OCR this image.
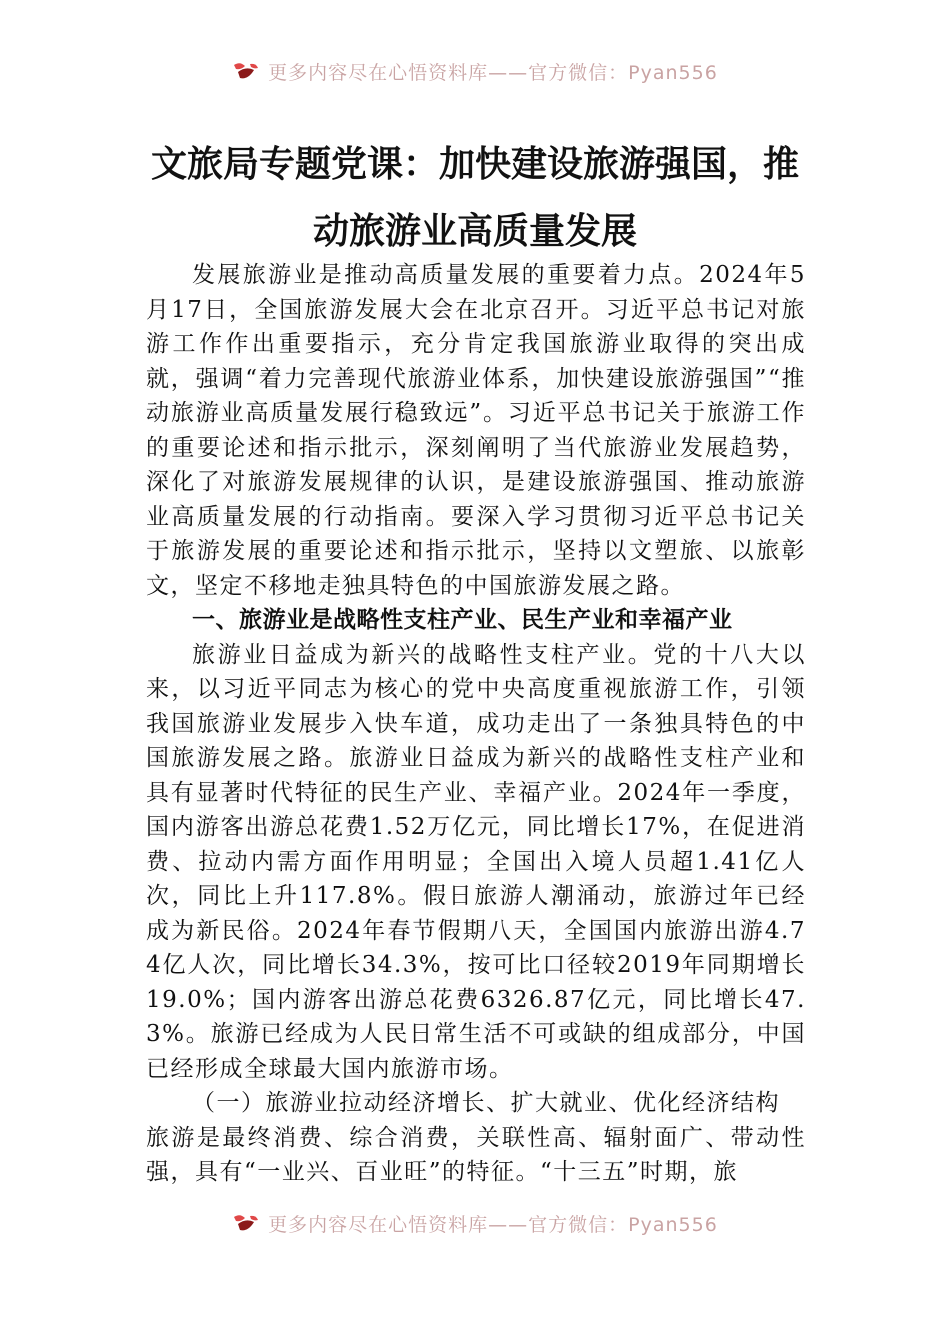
更多内容尽在心悟资料库——官方微信：Pyan556
文旅局专题党课：加快建设旅游强国，推
动旅游业高质量发展

发展旅游业是推动高质量发展的重要着力点。2024年5月17日，全国旅游发展大会在北京召开。习近平总书记对旅游工作作出重要指示，充分肯定我国旅游业取得的突出成就，强调“着力完善现代旅游业体系，加快建设旅游强国”“推动旅游业高质量发展行稳致远”。习近平总书记关于旅游工作的重要论述和指示批示，深刻阐明了当代旅游业发展趋势，深化了对旅游发展规律的认识，是建设旅游强国、推动旅游业高质量发展的行动指南。要深入学习贯彻习近平总书记关于旅游发展的重要论述和指示批示，坚持以文塑旅、以旅彰文，坚定不移地走独具特色的中国旅游发展之路。

一、旅游业是战略性支柱产业、民生产业和幸福产业

旅游业日益成为新兴的战略性支柱产业。党的十八大以来，以习近平同志为核心的党中央高度重视旅游工作，引领我国旅游业发展步入快车道，成功走出了一条独具特色的中国旅游发展之路。旅游业日益成为新兴的战略性支柱产业和具有显著时代特征的民生产业、幸福产业。2024年一季度，国内游客出游总花费1.52万亿元，同比增长17%，在促进消费、拉动内需方面作用明显；全国出入境人员超1.41亿人次，同比上升117.8%。假日旅游人潮涌动，旅游过年已经成为新民俗。2024年春节假期八天，全国国内旅游出游4.74亿人次，同比增长34.3%，按可比口径较2019年同期增长19.0%；国内游客出游总花费6326.87亿元，同比增长47.3%。旅游已经成为人民日常生活不可或缺的组成部分，中国已经形成全球最大国内旅游市场。

（一）旅游业拉动经济增长、扩大就业、优化经济结构

旅游是最终消费、综合消费，关联性高、辐射面广、带动性强，具有“一业兴、百业旺”的特征。“十三五”时期，旅

更多内容尽在心悟资料库——官方微信：Pyan556
